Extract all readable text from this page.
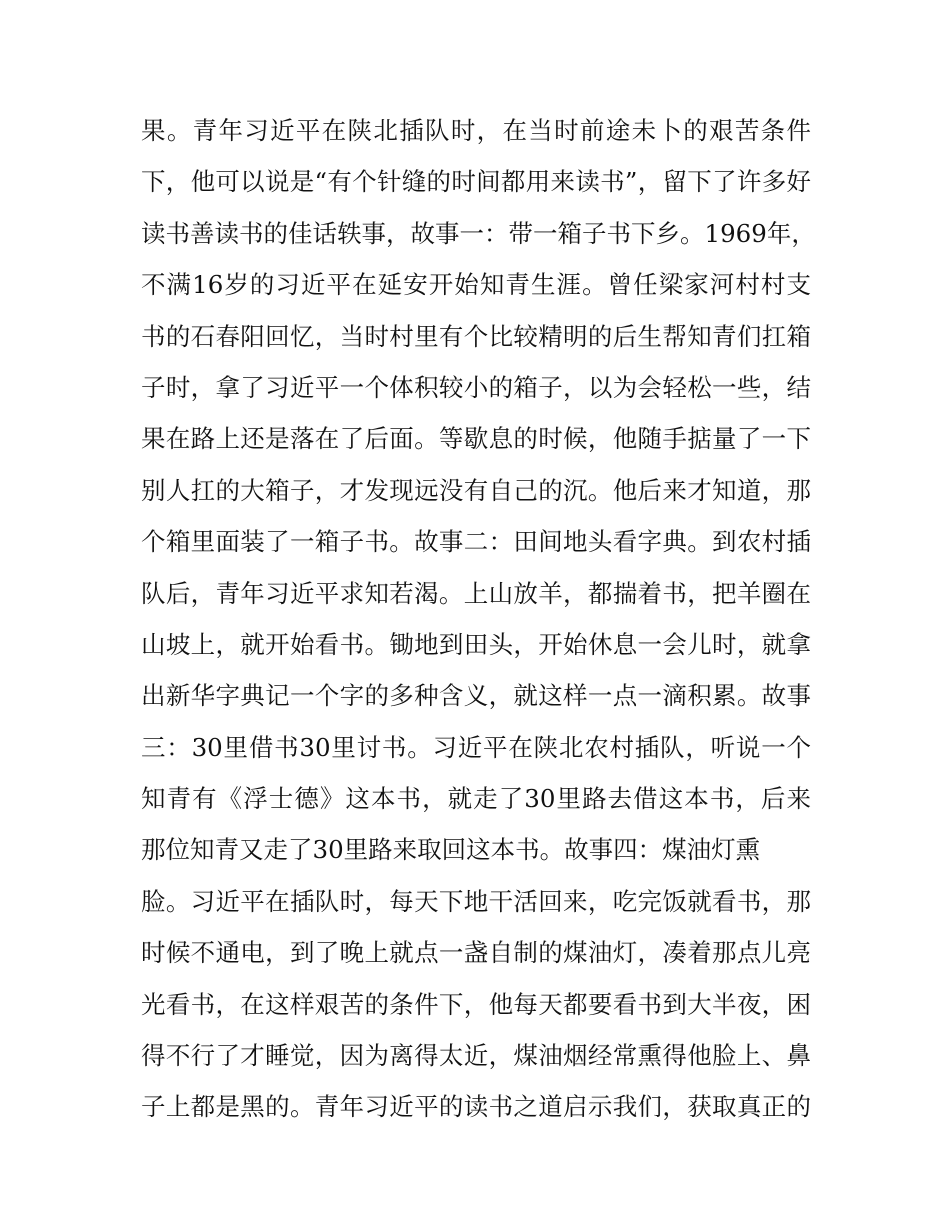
果。青年习近平在陕北插队时，在当时前途未卜的艰苦条件
下，他可以说是“有个针缝的时间都用来读书”，留下了许多好
读书善读书的佳话轶事，故事一：带一箱子书下乡。1969年，
不满16岁的习近平在延安开始知青生涯。曾任梁家河村村支
书的石春阳回忆，当时村里有个比较精明的后生帮知青们扛箱
子时，拿了习近平一个体积较小的箱子，以为会轻松一些，结
果在路上还是落在了后面。等歇息的时候，他随手掂量了一下
别人扛的大箱子，才发现远没有自己的沉。他后来才知道，那
个箱里面装了一箱子书。故事二：田间地头看字典。到农村插
队后，青年习近平求知若渴。上山放羊，都揣着书，把羊圈在
山坡上，就开始看书。锄地到田头，开始休息一会儿时，就拿
出新华字典记一个字的多种含义，就这样一点一滴积累。故事
三：30里借书30里讨书。习近平在陕北农村插队，听说一个
知青有《浮士德》这本书，就走了30里路去借这本书，后来
那位知青又走了30里路来取回这本书。故事四：煤油灯熏
脸。习近平在插队时，每天下地干活回来，吃完饭就看书，那
时候不通电，到了晚上就点一盏自制的煤油灯，凑着那点儿亮
光看书，在这样艰苦的条件下，他每天都要看书到大半夜，困
得不行了才睡觉，因为离得太近，煤油烟经常熏得他脸上、鼻
子上都是黑的。青年习近平的读书之道启示我们，获取真正的
